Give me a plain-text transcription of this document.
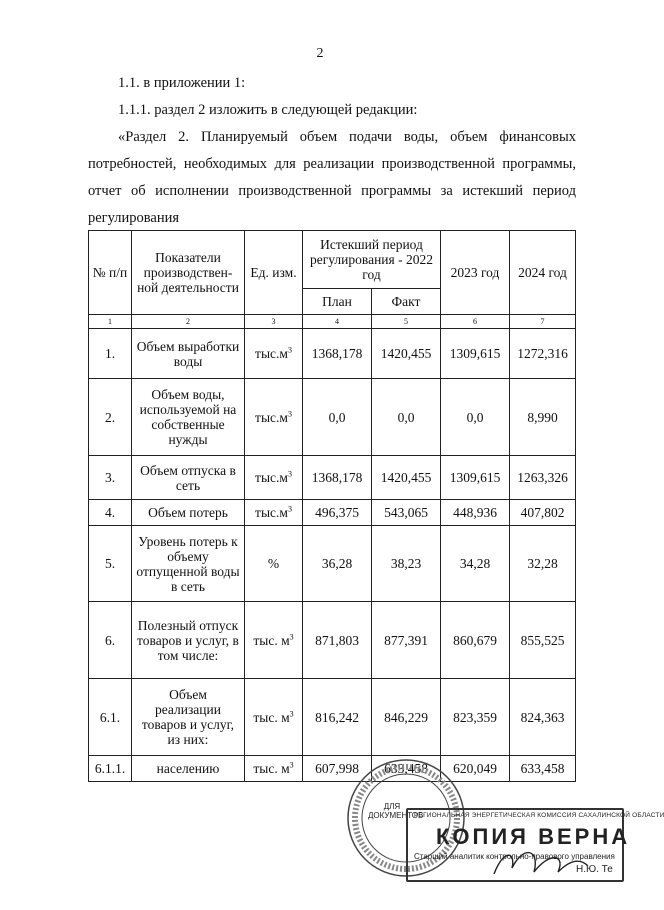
2
1.1. в приложении 1:
1.1.1. раздел 2 изложить в следующей редакции:
«Раздел 2. Планируемый объем подачи воды, объем финансовых потребностей, необходимых для реализации производственной программы, отчет об исполнении производственной программы за истекший период регулирования
№ п/п	Показатели производствен-ной деятельности	Ед. изм.	Истекший период регулирования - 2022 год		2023 год	2024 год
			План	Факт		
1	2	3	4	5	6	7
1.	Объем выработки воды	$тыс.м^3$	1368,178	1420,455	1309,615	1272,316
2.	Объем воды, используемой на собственные нужды	$тыс.м^3$	0,0	0,0	0,0	8,990
3.	Объем отпуска в сеть	$тыс.м^3$	1368,178	1420,455	1309,615	1263,326
4.	Объем потерь	$тыс.м^3$	496,375	543,065	448,936	407,802
5.	Уровень потерь к объему отпущенной воды в сеть	%	36,28	38,23	34,28	32,28
6.	Полезный отпуск товаров и услуг, в том числе:	тыс. $м^3$	871,803	877,391	860,679	855,525
6.1.	Объем реализации товаров и услуг, из них:	тыс. $м^3$	816,242	846,229	823,359	824,363
6.1.1.	населению	тыс. $м^3$	607,998	633,458	620,049	633,458
ДЛЯ ДОКУМЕНТОВ
РЕГИОНАЛЬНАЯ ЭНЕРГЕТИЧЕСКАЯ КОМИССИЯ САХАЛИНСКОЙ ОБЛАСТИ
КОПИЯ ВЕРНА
Старший аналитик контрольно-правового управления
Н.Ю. Те
